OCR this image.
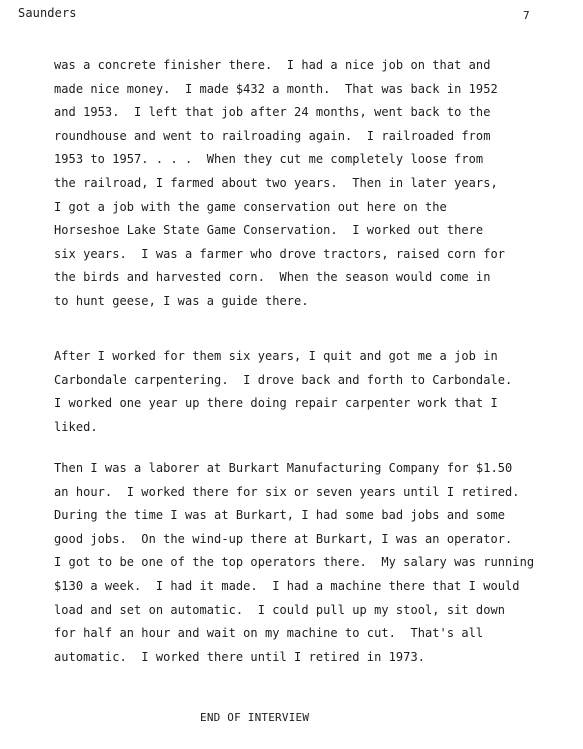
Saunders	7
was a concrete finisher there.  I had a nice job on that and
made nice money.  I made $432 a month.  That was back in 1952
and 1953.  I left that job after 24 months, went back to the
roundhouse and went to railroading again.  I railroaded from
1953 to 1957. . . .  When they cut me completely loose from
the railroad, I farmed about two years.  Then in later years,
I got a job with the game conservation out here on the
Horseshoe Lake State Game Conservation.  I worked out there
six years.  I was a farmer who drove tractors, raised corn for
the birds and harvested corn.  When the season would come in
to hunt geese, I was a guide there.
After I worked for them six years, I quit and got me a job in
Carbondale carpentering.  I drove back and forth to Carbondale.
I worked one year up there doing repair carpenter work that I
liked.
Then I was a laborer at Burkart Manufacturing Company for $1.50
an hour.  I worked there for six or seven years until I retired.
During the time I was at Burkart, I had some bad jobs and some
good jobs.  On the wind-up there at Burkart, I was an operator.
I got to be one of the top operators there.  My salary was running
$130 a week.  I had it made.  I had a machine there that I would
load and set on automatic.  I could pull up my stool, sit down
for half an hour and wait on my machine to cut.  That's all
automatic.  I worked there until I retired in 1973.
END OF INTERVIEW
